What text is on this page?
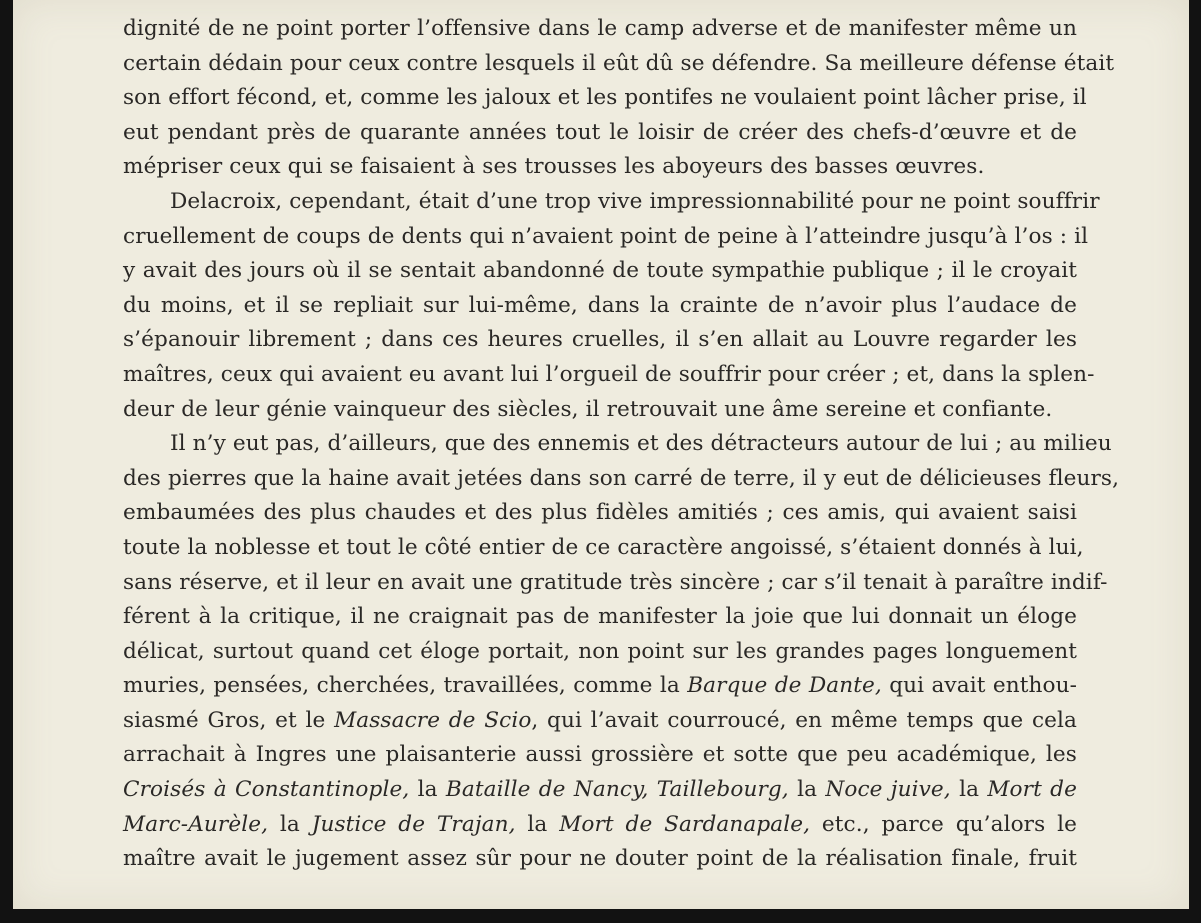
dignité de ne point porter l’offensive dans le camp adverse et de manifester même un
certain dédain pour ceux contre lesquels il eût dû se défendre. Sa meilleure défense était
son effort fécond, et, comme les jaloux et les pontifes ne voulaient point lâcher prise, il
eut pendant près de quarante années tout le loisir de créer des chefs-d’œuvre et de
mépriser ceux qui se faisaient à ses trousses les aboyeurs des basses œuvres.
Delacroix, cependant, était d’une trop vive impressionnabilité pour ne point souffrir
cruellement de coups de dents qui n’avaient point de peine à l’atteindre jusqu’à l’os : il
y avait des jours où il se sentait abandonné de toute sympathie publique ; il le croyait
du moins, et il se repliait sur lui-même, dans la crainte de n’avoir plus l’audace de
s’épanouir librement ; dans ces heures cruelles, il s’en allait au Louvre regarder les
maîtres, ceux qui avaient eu avant lui l’orgueil de souffrir pour créer ; et, dans la splen-
deur de leur génie vainqueur des siècles, il retrouvait une âme sereine et confiante.
Il n’y eut pas, d’ailleurs, que des ennemis et des détracteurs autour de lui ; au milieu
des pierres que la haine avait jetées dans son carré de terre, il y eut de délicieuses fleurs,
embaumées des plus chaudes et des plus fidèles amitiés ; ces amis, qui avaient saisi
toute la noblesse et tout le côté entier de ce caractère angoissé, s’étaient donnés à lui,
sans réserve, et il leur en avait une gratitude très sincère ; car s’il tenait à paraître indif-
férent à la critique, il ne craignait pas de manifester la joie que lui donnait un éloge
délicat, surtout quand cet éloge portait, non point sur les grandes pages longuement
muries, pensées, cherchées, travaillées, comme la Barque de Dante, qui avait enthou-
siasmé Gros, et le Massacre de Scio, qui l’avait courroucé, en même temps que cela
arrachait à Ingres une plaisanterie aussi grossière et sotte que peu académique, les
Croisés à Constantinople, la Bataille de Nancy, Taillebourg, la Noce juive, la Mort de
Marc-Aurèle, la Justice de Trajan, la Mort de Sardanapale, etc., parce qu’alors le
maître avait le jugement assez sûr pour ne douter point de la réalisation finale, fruit
